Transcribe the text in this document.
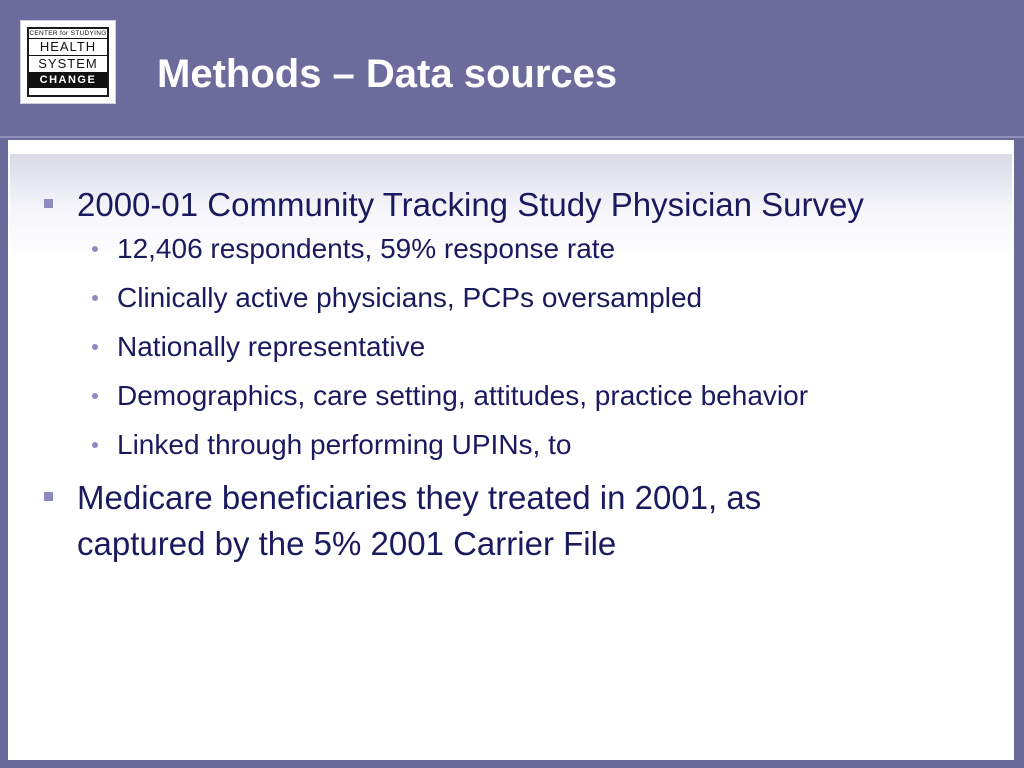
CENTER for STUDYING
HEALTH
SYSTEM
CHANGE Methods – Data sources
2000-01 Community Tracking Study Physician Survey
12,406 respondents, 59% response rate
Clinically active physicians, PCPs oversampled
Nationally representative
Demographics, care setting, attitudes, practice behavior
Linked through performing UPINs, to
Medicare beneficiaries they treated in 2001, as
captured by the 5% 2001 Carrier File
